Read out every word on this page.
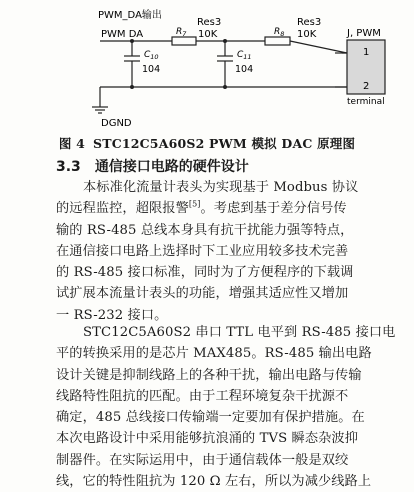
PWM_DA输出
PWM DA	$R_7$
Res3
10K	$R_8$
Res3
10K
$C_{10}$
104
$C_{11}$
104
J, PWM
1
2
terminal
DGND
图 4 STC12C5A60S2 PWM 模拟 DAC 原理图
3.3 通信接口电路的硬件设计
本标准化流量计表头为实现基于 Modbus 协议
的远程监控，超限报警[5]。考虑到基于差分信号传
输的 RS-485 总线本身具有抗干扰能力强等特点，
在通信接口电路上选择时下工业应用较多技术完善
的 RS-485 接口标准，同时为了方便程序的下载调
试扩展本流量计表头的功能，增强其适应性又增加
一 RS-232 接口。
STC12C5A60S2 串口 TTL 电平到 RS-485 接口电
平的转换采用的是芯片 MAX485。RS-485 输出电路
设计关键是抑制线路上的各种干扰，输出电路与传输
线路特性阻抗的匹配。由于工程环境复杂干扰源不
确定，485 总线接口传输端一定要加有保护措施。在
本次电路设计中采用能够抗浪涌的 TVS 瞬态杂波抑
制器件。在实际运用中，由于通信载体一般是双绞
线，它的特性阻抗为 120 Ω 左右，所以为减少线路上
